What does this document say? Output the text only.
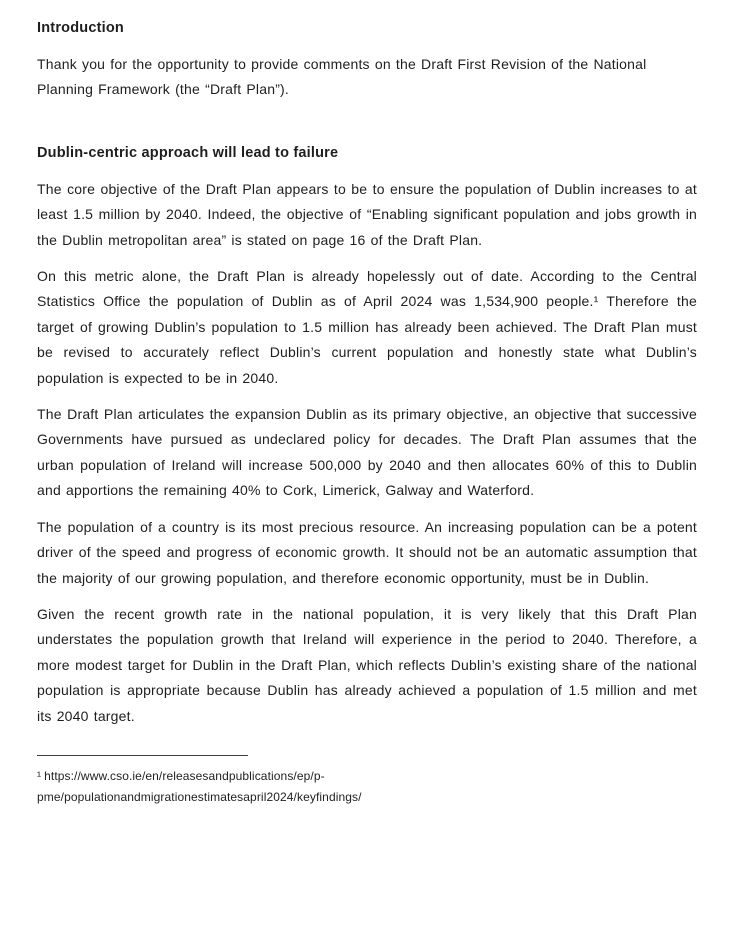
Introduction

Thank you for the opportunity to provide comments on the Draft First Revision of the National Planning Framework (the “Draft Plan”).

Dublin-centric approach will lead to failure

The core objective of the Draft Plan appears to be to ensure the population of Dublin increases to at least 1.5 million by 2040. Indeed, the objective of “Enabling significant population and jobs growth in the Dublin metropolitan area” is stated on page 16 of the Draft Plan.

On this metric alone, the Draft Plan is already hopelessly out of date. According to the Central Statistics Office the population of Dublin as of April 2024 was 1,534,900 people.¹ Therefore the target of growing Dublin’s population to 1.5 million has already been achieved. The Draft Plan must be revised to accurately reflect Dublin’s current population and honestly state what Dublin’s population is expected to be in 2040.

The Draft Plan articulates the expansion Dublin as its primary objective, an objective that successive Governments have pursued as undeclared policy for decades. The Draft Plan assumes that the urban population of Ireland will increase 500,000 by 2040 and then allocates 60% of this to Dublin and apportions the remaining 40% to Cork, Limerick, Galway and Waterford.

The population of a country is its most precious resource. An increasing population can be a potent driver of the speed and progress of economic growth. It should not be an automatic assumption that the majority of our growing population, and therefore economic opportunity, must be in Dublin.

Given the recent growth rate in the national population, it is very likely that this Draft Plan understates the population growth that Ireland will experience in the period to 2040. Therefore, a more modest target for Dublin in the Draft Plan, which reflects Dublin’s existing share of the national population is appropriate because Dublin has already achieved a population of 1.5 million and met its 2040 target.

¹ https://www.cso.ie/en/releasesandpublications/ep/p-
pme/populationandmigrationestimatesapril2024/keyfindings/
